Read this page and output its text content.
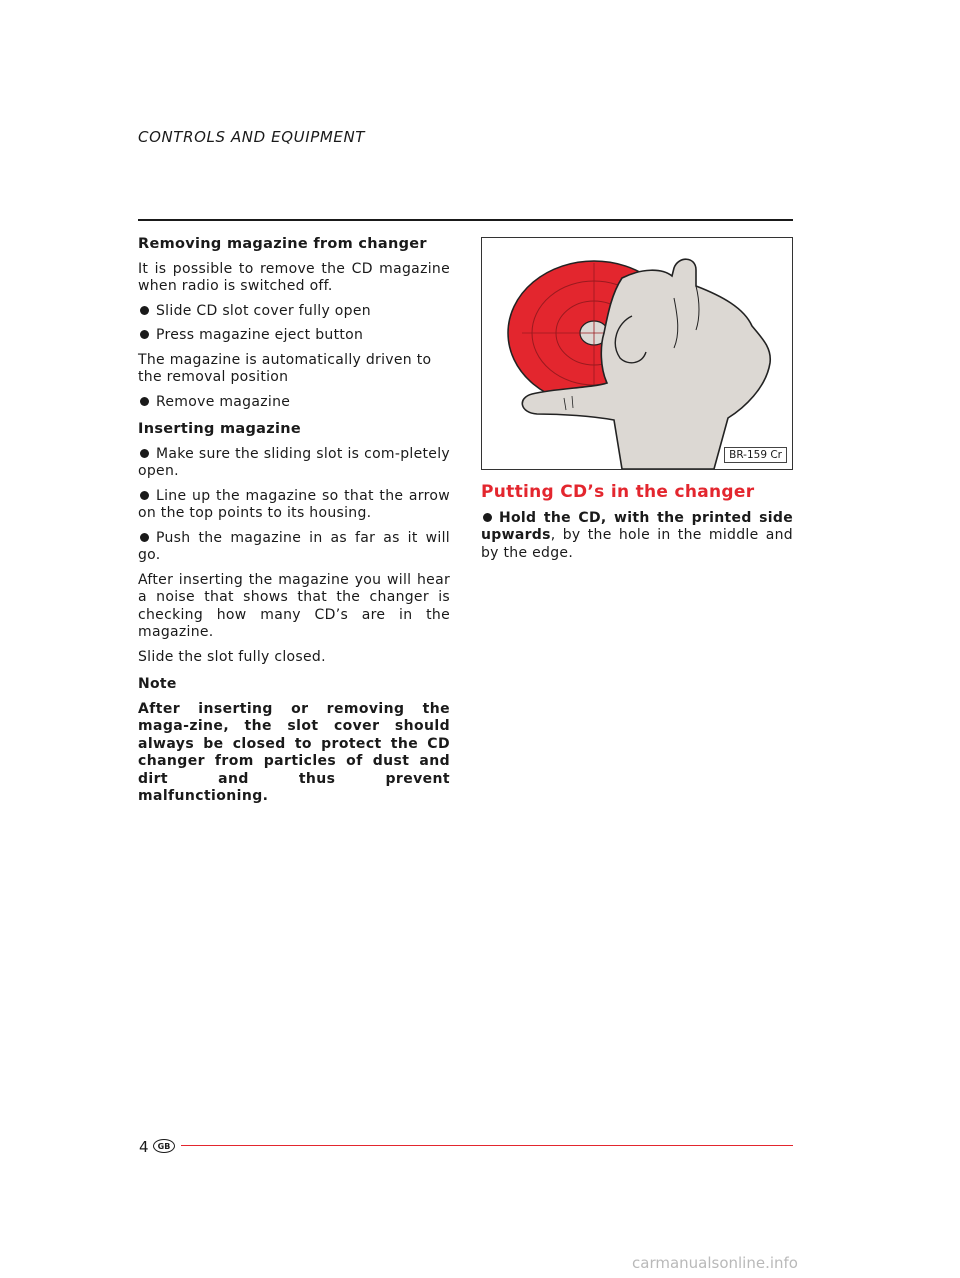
CONTROLS AND EQUIPMENT
Removing magazine from changer

It is possible to remove the CD magazine when radio is switched off.

Slide CD slot cover fully open
Press magazine eject button

The magazine is automatically driven to the removal position

Remove magazine
Inserting magazine
Make sure the sliding slot is com-pletely open.
Line up the magazine so that the arrow on the top points to its housing.
Push the magazine in as far as it will go.

After inserting the magazine you will hear a noise that shows that the changer is checking how many CD’s are in the magazine.

Slide the slot fully closed.

Note
After inserting or removing the maga-zine, the slot cover should always be closed to protect the CD changer from particles of dust and dirt and thus prevent malfunctioning.
BR-159 Cr
Putting CD’s in the changer
Hold the CD, with the printed side upwards, by the hole in the middle and by the edge.
4	GB
carmanualsonline.info
